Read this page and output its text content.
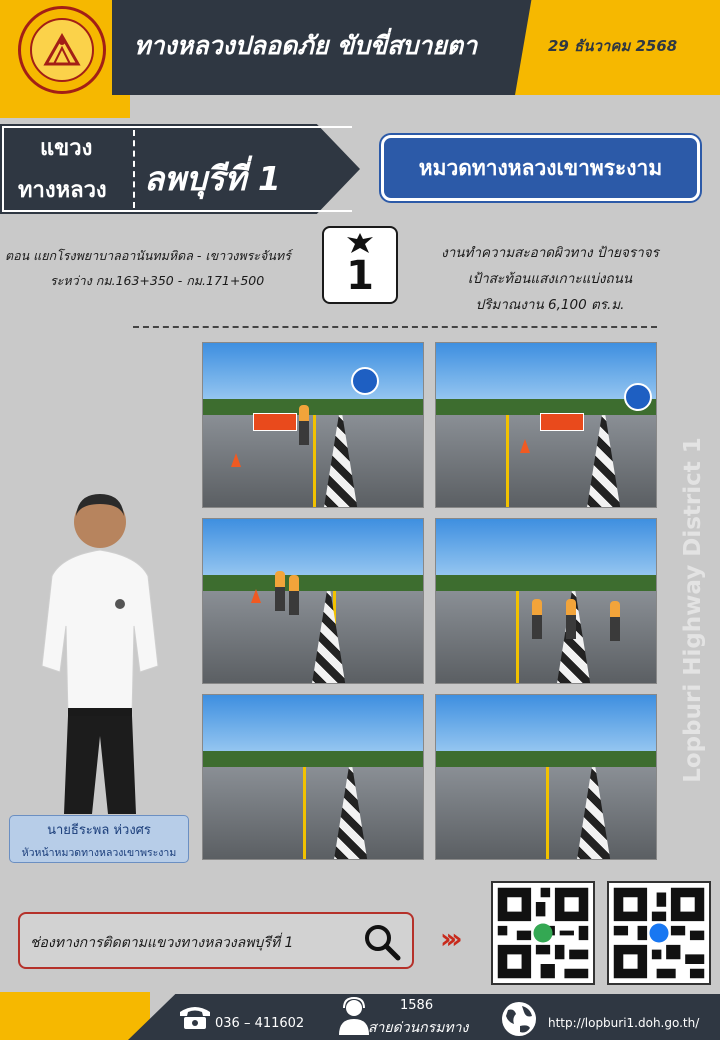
ทางหลวงปลอดภัย ขับขี่สบายตา	29 ธันวาคม 2568
แขวง
ทางหลวง ลพบุรีที่ 1	หมวดทางหลวงเขาพระงาม
ตอน แยกโรงพยาบาลอานันทมหิดล - เขาวงพระจันทร์
ระหว่าง กม.163+350 - กม.171+500 1	งานทำความสะอาดผิวทาง ป้ายจราจร
เป้าสะท้อนแสงเกาะแบ่งถนน
ปริมาณงาน 6,100 ตร.ม.
Lopburi Highway District 1
นายธีระพล ห่วงศร
หัวหน้าหมวดทางหลวงเขาพระงาม
ช่องทางการติดตามแขวงทางหลวงลพบุรีที่ 1	›››
036 – 411602
1586
สายด่วนกรมทาง	http://lopburi1.doh.go.th/
